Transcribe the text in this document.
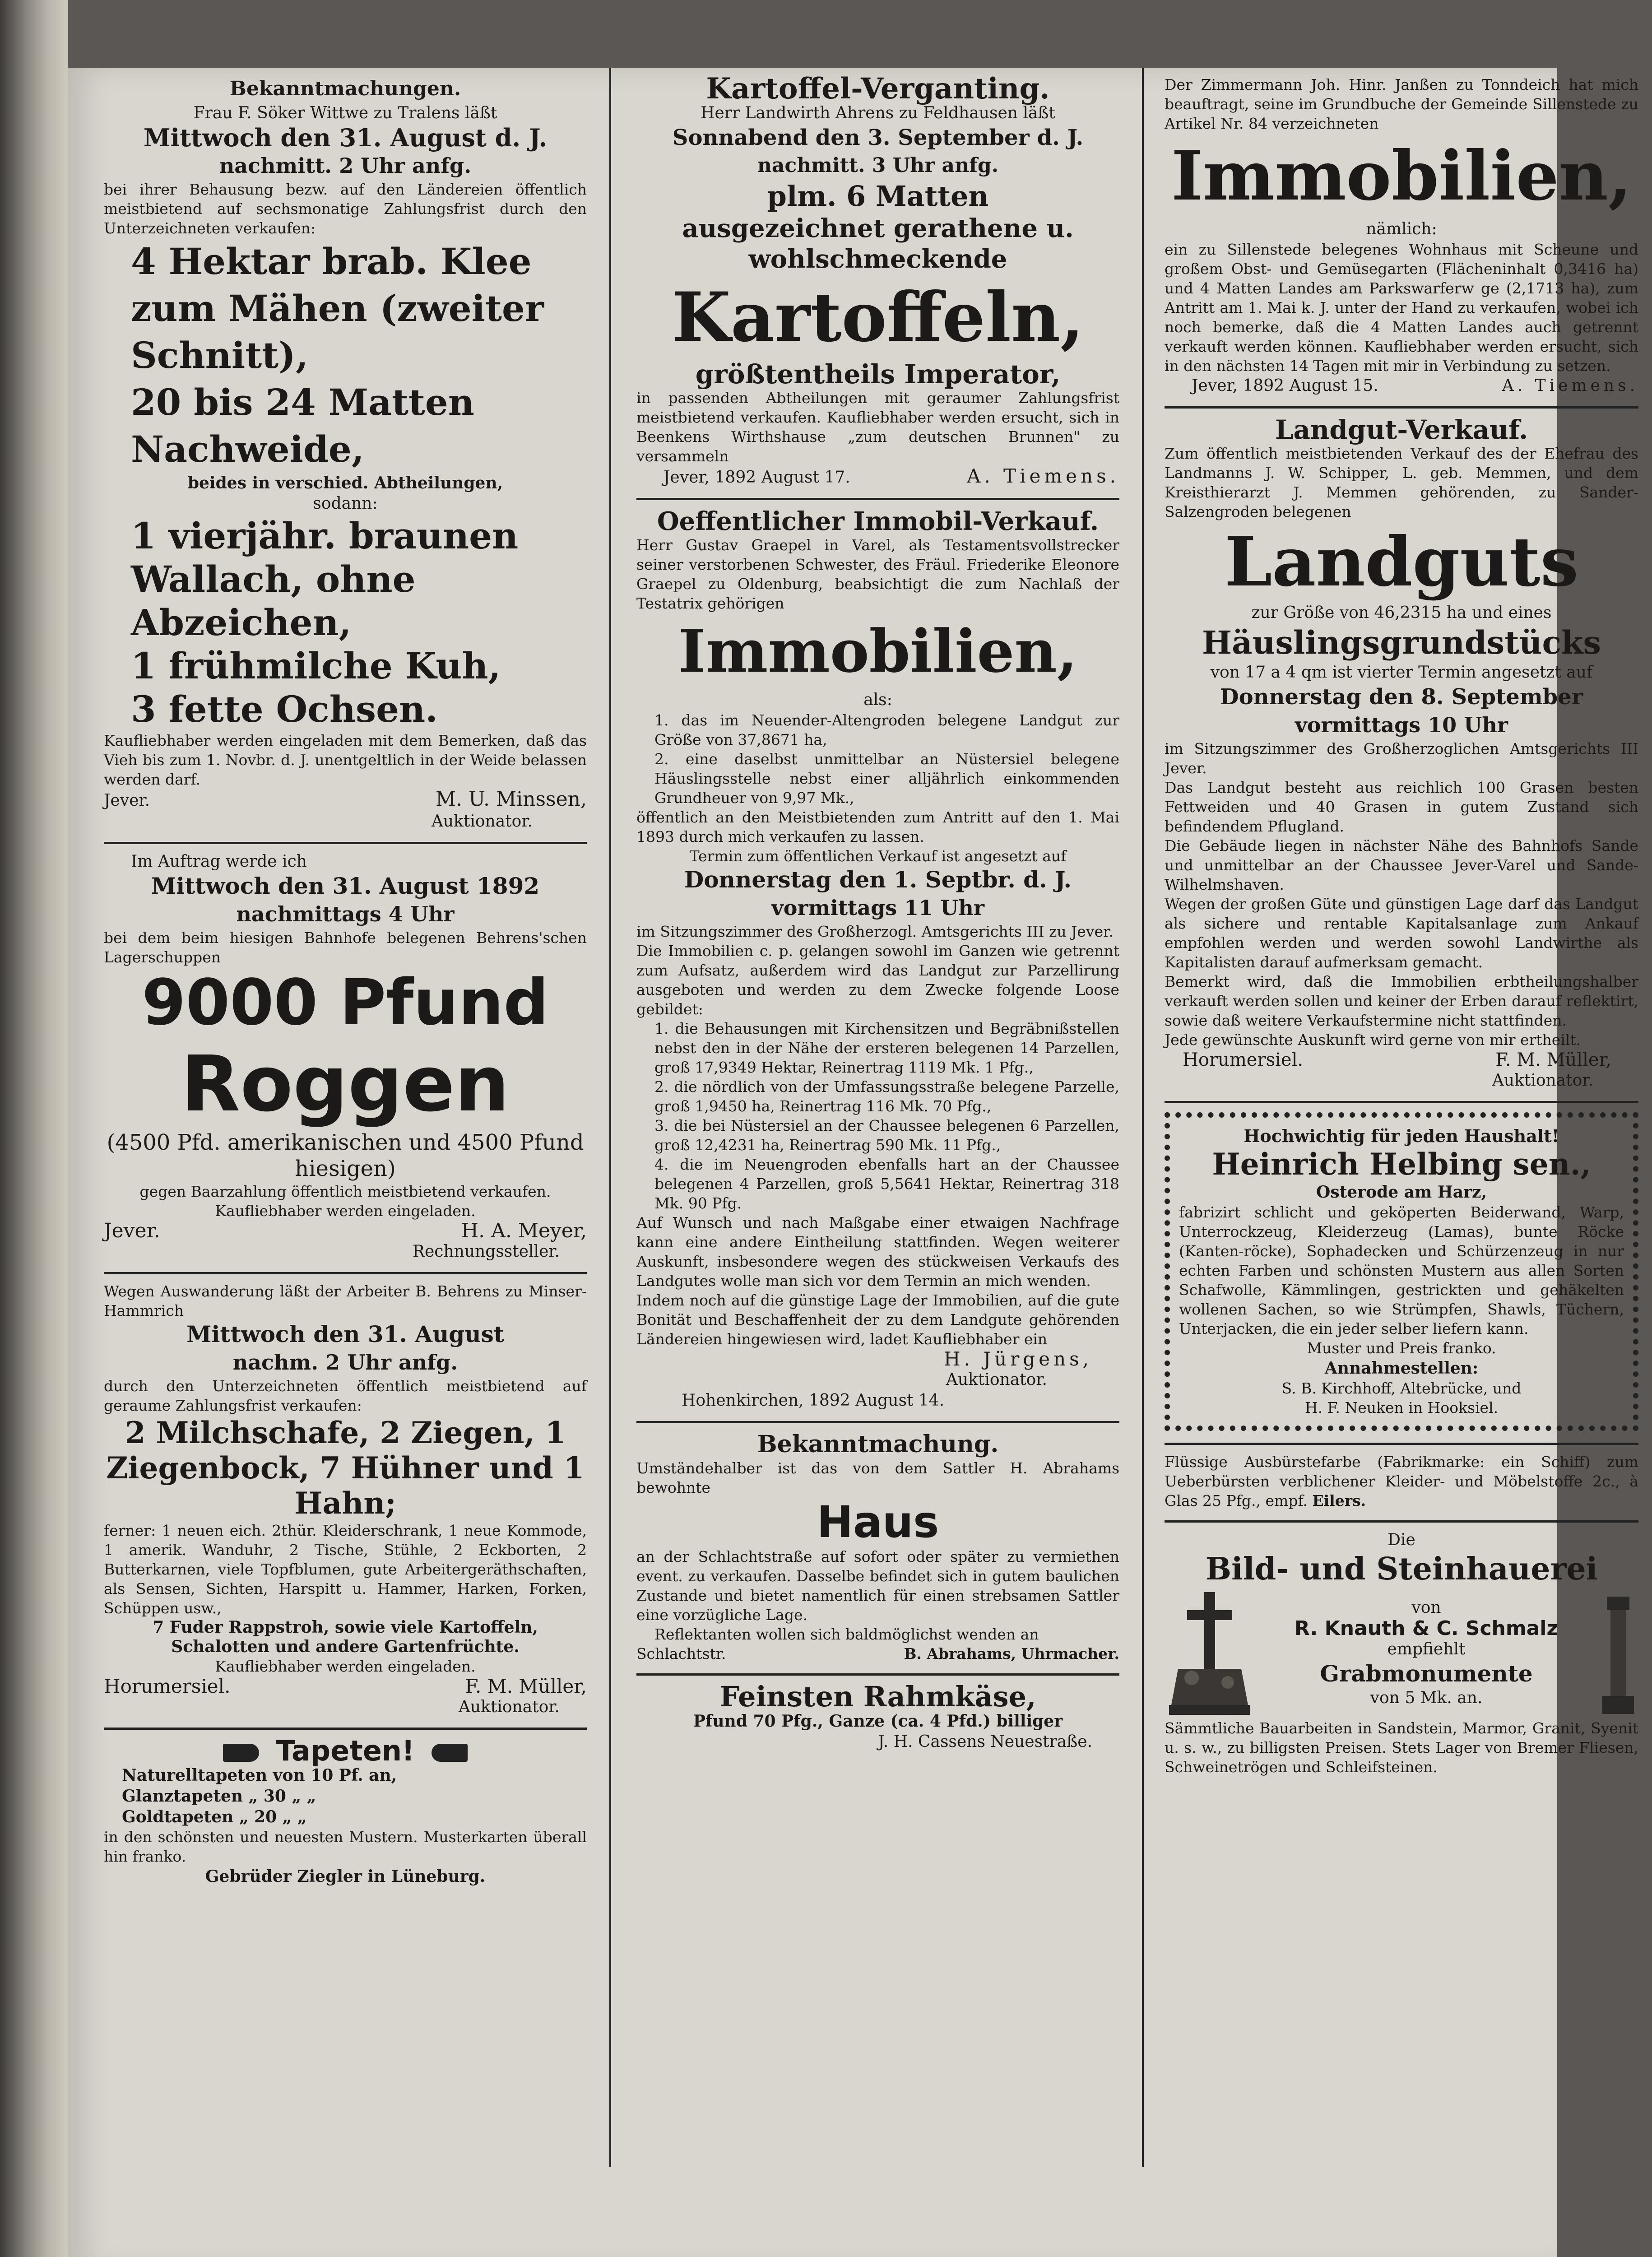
Bekanntmachungen.

Frau F. Söker Wittwe zu Tralens läßt

Mittwoch den 31. August d. J.

nachmitt. 2 Uhr anfg.

bei ihrer Behausung bezw. auf den Ländereien öffentlich meistbietend auf sechsmonatige Zahlungsfrist durch den Unterzeichneten verkaufen:

4 Hektar brab. Klee zum Mähen (zweiter Schnitt),

20 bis 24 Matten Nachweide,

beides in verschied. Abtheilungen,

sodann:

1 vierjähr. braunen Wallach, ohne Abzeichen,

1 frühmilche Kuh,

3 fette Ochsen.

Kaufliebhaber werden eingeladen mit dem Bemerken, daß das Vieh bis zum 1. Novbr. d. J. unentgeltlich in der Weide belassen werden darf.

Jever.	M. U. Minssen,

Auktionator.

Im Auftrag werde ich

Mittwoch den 31. August 1892

nachmittags 4 Uhr

bei dem beim hiesigen Bahnhofe belegenen Behrens'schen Lagerschuppen

9000 Pfund

Roggen

(4500 Pfd. amerikanischen und 4500 Pfund hiesigen)

gegen Baarzahlung öffentlich meistbietend verkaufen. Kaufliebhaber werden eingeladen.

Jever.	H. A. Meyer,

Rechnungssteller.

Wegen Auswanderung läßt der Arbeiter B. Behrens zu Minser-Hammrich

Mittwoch den 31. August

nachm. 2 Uhr anfg.

durch den Unterzeichneten öffentlich meistbietend auf geraume Zahlungsfrist verkaufen:

2 Milchschafe, 2 Ziegen, 1 Ziegenbock, 7 Hühner und 1 Hahn;

ferner: 1 neuen eich. 2thür. Kleiderschrank, 1 neue Kommode, 1 amerik. Wanduhr, 2 Tische, Stühle, 2 Eckborten, 2 Butterkarnen, viele Topfblumen, gute Arbeitergeräthschaften, als Sensen, Sichten, Harspitt u. Hammer, Harken, Forken, Schüppen usw.,

7 Fuder Rappstroh, sowie viele Kartoffeln, Schalotten und andere Gartenfrüchte.

Kaufliebhaber werden eingeladen.

Horumersiel.	F. M. Müller,

Auktionator.

Tapeten!

Naturelltapeten von 10 Pf. an,

Glanztapeten „ 30 „ „

Goldtapeten „ 20 „ „

in den schönsten und neuesten Mustern. Musterkarten überall hin franko.

Gebrüder Ziegler in Lüneburg.

Kartoffel-Verganting.

Herr Landwirth Ahrens zu Feldhausen läßt

Sonnabend den 3. September d. J.

nachmitt. 3 Uhr anfg.

plm. 6 Matten

ausgezeichnet gerathene u. wohlschmeckende

Kartoffeln,

größtentheils Imperator,

in passenden Abtheilungen mit geraumer Zahlungsfrist meistbietend verkaufen. Kaufliebhaber werden ersucht, sich in Beenkens Wirthshause „zum deutschen Brunnen" zu versammeln

Jever, 1892 August 17.	A. Tiemens.

Oeffentlicher Immobil-Verkauf.

Herr Gustav Graepel in Varel, als Testamentsvollstrecker seiner verstorbenen Schwester, des Fräul. Friederike Eleonore Graepel zu Oldenburg, beabsichtigt die zum Nachlaß der Testatrix gehörigen

Immobilien,

als:

1. das im Neuender-Altengroden belegene Landgut zur Größe von 37,8671 ha,

2. eine daselbst unmittelbar an Nüstersiel belegene Häuslingsstelle nebst einer alljährlich einkommenden Grundheuer von 9,97 Mk.,

öffentlich an den Meistbietenden zum Antritt auf den 1. Mai 1893 durch mich verkaufen zu lassen.

Termin zum öffentlichen Verkauf ist angesetzt auf

Donnerstag den 1. Septbr. d. J.

vormittags 11 Uhr

im Sitzungszimmer des Großherzogl. Amtsgerichts III zu Jever.

Die Immobilien c. p. gelangen sowohl im Ganzen wie getrennt zum Aufsatz, außerdem wird das Landgut zur Parzellirung ausgeboten und werden zu dem Zwecke folgende Loose gebildet:

1. die Behausungen mit Kirchensitzen und Begräbnißstellen nebst den in der Nähe der ersteren belegenen 14 Parzellen, groß 17,9349 Hektar, Reinertrag 1119 Mk. 1 Pfg.,

2. die nördlich von der Umfassungsstraße belegene Parzelle, groß 1,9450 ha, Reinertrag 116 Mk. 70 Pfg.,

3. die bei Nüstersiel an der Chaussee belegenen 6 Parzellen, groß 12,4231 ha, Reinertrag 590 Mk. 11 Pfg.,

4. die im Neuengroden ebenfalls hart an der Chaussee belegenen 4 Parzellen, groß 5,5641 Hektar, Reinertrag 318 Mk. 90 Pfg.

Auf Wunsch und nach Maßgabe einer etwaigen Nachfrage kann eine andere Eintheilung stattfinden. Wegen weiterer Auskunft, insbesondere wegen des stückweisen Verkaufs des Landgutes wolle man sich vor dem Termin an mich wenden.

Indem noch auf die günstige Lage der Immobilien, auf die gute Bonität und Beschaffenheit der zu dem Landgute gehörenden Ländereien hingewiesen wird, ladet Kaufliebhaber ein

H. Jürgens,

Auktionator.

Hohenkirchen, 1892 August 14.

Bekanntmachung.

Umständehalber ist das von dem Sattler H. Abrahams bewohnte

Haus

an der Schlachtstraße auf sofort oder später zu vermiethen event. zu verkaufen. Dasselbe befindet sich in gutem baulichen Zustande und bietet namentlich für einen strebsamen Sattler eine vorzügliche Lage.

Reflektanten wollen sich baldmöglichst wenden an

Schlachtstr.	B. Abrahams, Uhrmacher.

Feinsten Rahmkäse,

Pfund 70 Pfg., Ganze (ca. 4 Pfd.) billiger

J. H. Cassens Neuestraße.

Der Zimmermann Joh. Hinr. Janßen zu Tonndeich hat mich beauftragt, seine im Grundbuche der Gemeinde Sillenstede zu Artikel Nr. 84 verzeichneten

Immobilien,

nämlich:

ein zu Sillenstede belegenes Wohnhaus mit Scheune und großem Obst- und Gemüsegarten (Flächeninhalt 0,3416 ha) und 4 Matten Landes am Parkswarferw ge (2,1713 ha), zum Antritt am 1. Mai k. J. unter der Hand zu verkaufen, wobei ich noch bemerke, daß die 4 Matten Landes auch getrennt verkauft werden können. Kaufliebhaber werden ersucht, sich in den nächsten 14 Tagen mit mir in Verbindung zu setzen.

Jever, 1892 August 15.	A. Tiemens.

Landgut-Verkauf.

Zum öffentlich meistbietenden Verkauf des der Ehefrau des Landmanns J. W. Schipper, L. geb. Memmen, und dem Kreisthierarzt J. Memmen gehörenden, zu Sander-Salzengroden belegenen

Landguts

zur Größe von 46,2315 ha und eines

Häuslingsgrundstücks

von 17 a 4 qm ist vierter Termin angesetzt auf

Donnerstag den 8. September

vormittags 10 Uhr

im Sitzungszimmer des Großherzoglichen Amtsgerichts III Jever.

Das Landgut besteht aus reichlich 100 Grasen besten Fettweiden und 40 Grasen in gutem Zustand sich befindendem Pflugland.

Die Gebäude liegen in nächster Nähe des Bahnhofs Sande und unmittelbar an der Chaussee Jever-Varel und Sande-Wilhelmshaven.

Wegen der großen Güte und günstigen Lage darf das Landgut als sichere und rentable Kapitalsanlage zum Ankauf empfohlen werden und werden sowohl Landwirthe als Kapitalisten darauf aufmerksam gemacht.

Bemerkt wird, daß die Immobilien erbtheilungshalber verkauft werden sollen und keiner der Erben darauf reflektirt, sowie daß weitere Verkaufstermine nicht stattfinden.

Jede gewünschte Auskunft wird gerne von mir ertheilt.

Horumersiel.	F. M. Müller,

Auktionator.

Hochwichtig für jeden Haushalt!

Heinrich Helbing sen.,

Osterode am Harz,

fabrizirt schlicht und geköperten Beiderwand, Warp, Unterrockzeug, Kleiderzeug (Lamas), bunte Röcke (Kanten-röcke), Sophadecken und Schürzenzeug in nur echten Farben und schönsten Mustern aus allen Sorten Schafwolle, Kämmlingen, gestrickten und gehäkelten wollenen Sachen, so wie Strümpfen, Shawls, Tüchern, Unterjacken, die ein jeder selber liefern kann.

Muster und Preis franko.

Annahmestellen:

S. B. Kirchhoff, Altebrücke, und

H. F. Neuken in Hooksiel.

Flüssige Ausbürstefarbe (Fabrikmarke: ein Schiff) zum Ueberbürsten verblichener Kleider- und Möbelstoffe 2c., à Glas 25 Pfg., empf. Eilers.

Die

Bild- und Steinhauerei

von

R. Knauth & C. Schmalz

empfiehlt

Grabmonumente

von 5 Mk. an.

Sämmtliche Bauarbeiten in Sandstein, Marmor, Granit, Syenit u. s. w., zu billigsten Preisen. Stets Lager von Bremer Fliesen, Schweinetrögen und Schleifsteinen.
